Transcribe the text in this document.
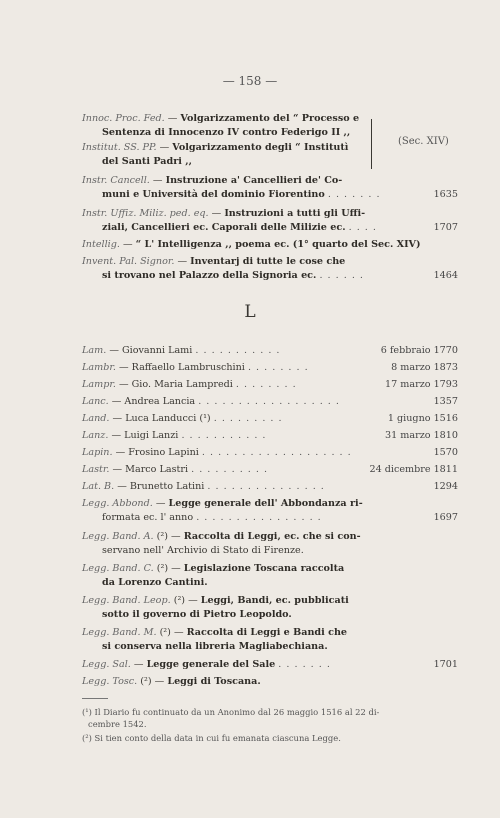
— 158 —
Innoc. Proc. Fed. — Volgarizzamento del “ Processo e
Sentenza di Innocenzo IV contro Federigo II ,,
Institut. SS. PP. — Volgarizzamento degli “ Institutì
del Santi Padri ,,
(Sec. XIV)
Instr. Cancell. — Instruzione a' Cancellieri de' Co-
muni e Università del dominio Fiorentino . . . . . . .	1635
Instr. Uffiz. Miliz. ped. eq. — Instruzioni a tutti gli Uffi-
ziali, Cancellieri ec. Caporali delle Milizie ec. . . . .	1707
Intellig. — “ L' Intelligenza ,, poema ec. (1° quarto del Sec. XIV)
Invent. Pal. Signor. — Inventarj di tutte le cose che
si trovano nel Palazzo della Signoria ec. . . . . . .	1464
L
Lam. — Giovanni Lami . . . . . . . . . . .	6 febbraio 1770
Lambr. — Raffaello Lambruschini . . . . . . . .	8 marzo 1873
Lampr. — Gio. Maria Lampredi . . . . . . . .	17 marzo 1793
Lanc. — Andrea Lancia . . . . . . . . . . . . . . . . . .	1357
Land. — Luca Landucci (¹) . . . . . . . . .	1 giugno 1516
Lanz. — Luigi Lanzi . . . . . . . . . . .	31 marzo 1810
Lapin. — Frosino Lapini . . . . . . . . . . . . . . . . . . .	1570
Lastr. — Marco Lastri . . . . . . . . . .	24 dicembre 1811
Lat. B. — Brunetto Latini . . . . . . . . . . . . . . .	1294
Legg. Abbond. — Legge generale dell' Abbondanza ri-
formata ec. l' anno . . . . . . . . . . . . . . . .	1697
Legg. Band. A. (²) — Raccolta di Leggi, ec. che si con-
servano nell' Archivio di Stato di Firenze.
Legg. Band. C. (²) — Legislazione Toscana raccolta
da Lorenzo Cantini.
Legg. Band. Leop. (²) — Leggi, Bandi, ec. pubblicati
sotto il governo di Pietro Leopoldo.
Legg. Band. M. (²) — Raccolta di Leggi e Bandi che
si conserva nella libreria Magliabechiana.
Legg. Sal. — Legge generale del Sale . . . . . . .	1701
Legg. Tosc. (²) — Leggi di Toscana.
(¹) Il Diario fu continuato da un Anonimo dal 26 maggio 1516 al 22 di-
cembre 1542.
(²) Si tien conto della data in cui fu emanata ciascuna Legge.
